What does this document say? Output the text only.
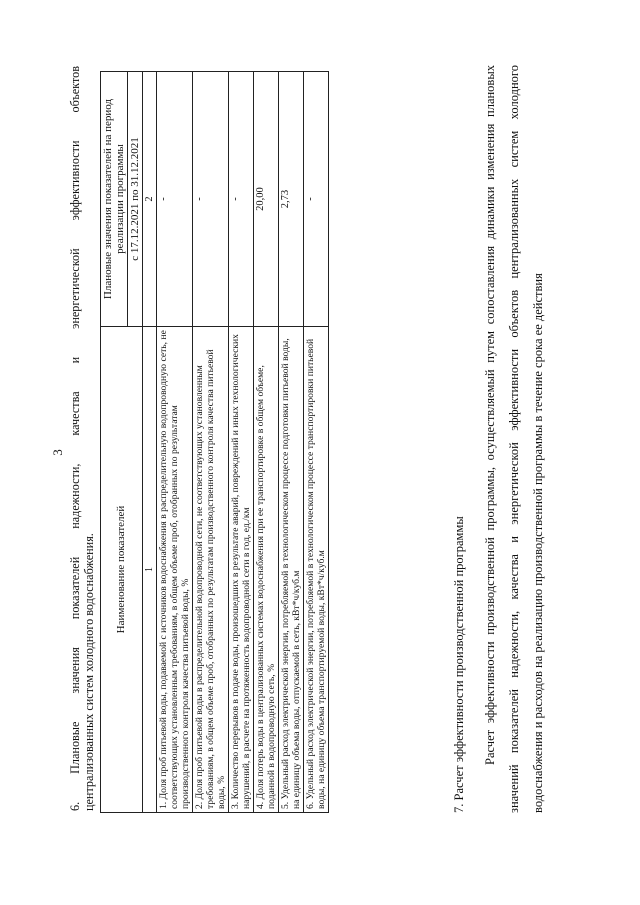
3
6.
Плановые
значения
показателей
надежности,
качества
и
энергетической
эффективности
объектов
централизованных систем холодного водоснабжения. Наименование показателей	Плановые значения показателей на период реализации программы
	с 17.12.2021 по 31.12.2021
1	2
1. Доля проб питьевой воды, подаваемой с источников водоснабжения в распределительную водопроводную сеть, не соответствующих установленным требованиям, в общем объеме проб, отобранных по результатам производственного контроля качества питьевой воды, %	-
2. Доля проб питьевой воды в распределительной водопроводной сети, не соответствующих установленным требованиям, в общем объеме проб, отобранных по результатам производственного контроля качества питьевой воды, %	-
3. Количество перерывов в подаче воды, произошедших в результате аварий, повреждений и иных технологических нарушений, в расчете на протяженность водопроводной сети в год, ед./км	-
4. Доля потерь воды в централизованных системах водоснабжения при ее транспортировке в общем объеме, поданной в водопроводную сеть, %	20,00
5. Удельный расход электрической энергии, потребляемой в технологическом процессе подготовки питьевой воды, на единицу объема воды, отпускаемой в сеть, кВт*ч/куб.м	2,73
6. Удельный расход электрической энергии, потребляемой в технологическом процессе транспортировки питьевой воды, на единицу объема транспортируемой воды, кВт*ч/куб.м	-
7. Расчет эффективности производственной программы	Расчет эффективности производственной программы, осуществляемый путем сопоставления динамики изменения плановых значений показателей надежности, качества и энергетической эффективности объектов централизованных систем холодного водоснабжения и расходов на реализацию производственной программы в течение срока ее действия
